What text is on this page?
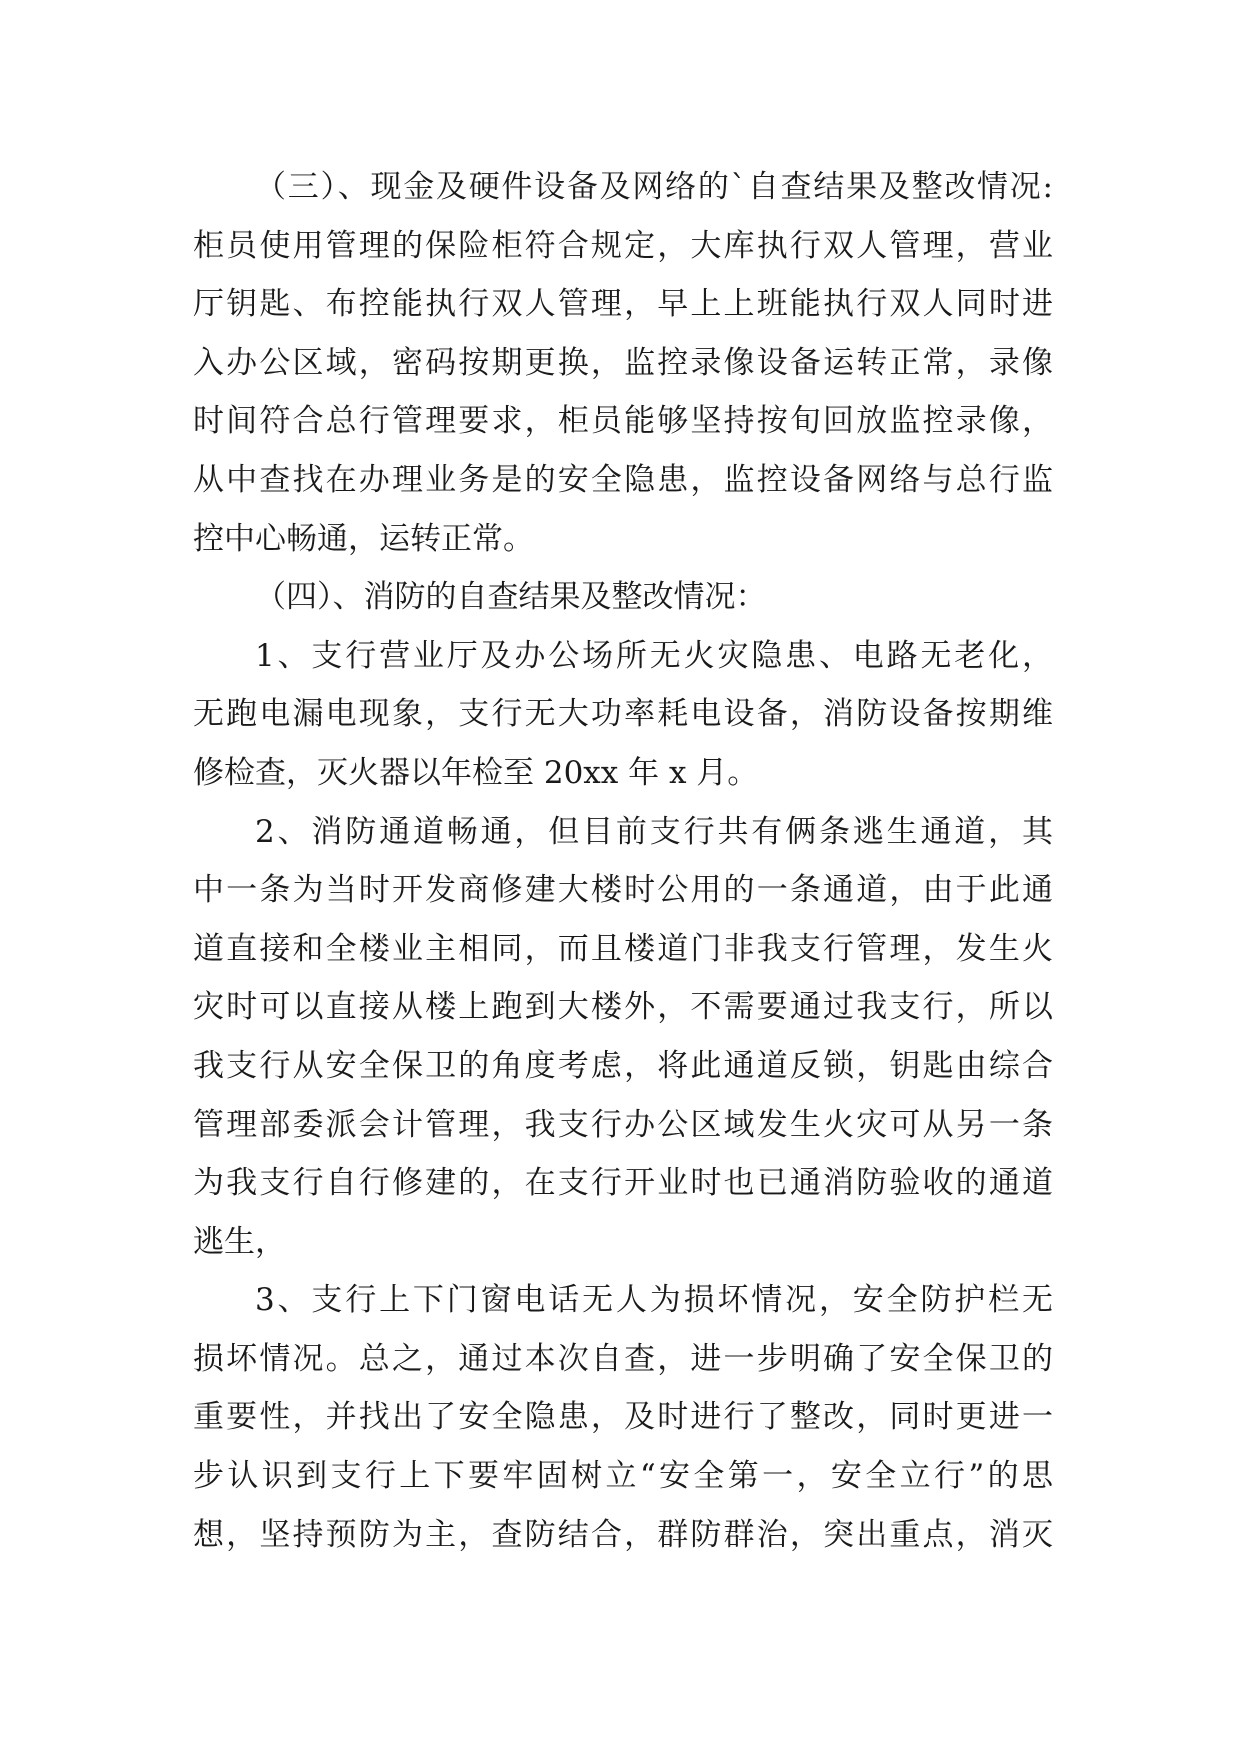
（三）、现金及硬件设备及网络的`自查结果及整改情况:
柜员使用管理的保险柜符合规定，大库执行双人管理，营业
厅钥匙、布控能执行双人管理，早上上班能执行双人同时进
入办公区域，密码按期更换，监控录像设备运转正常，录像
时间符合总行管理要求，柜员能够坚持按旬回放监控录像，
从中查找在办理业务是的安全隐患，监控设备网络与总行监
控中心畅通，运转正常。
（四）、消防的自查结果及整改情况：
1、支行营业厅及办公场所无火灾隐患、电路无老化，
无跑电漏电现象，支行无大功率耗电设备，消防设备按期维
修检查，灭火器以年检至 20xx 年 x 月。
2、消防通道畅通，但目前支行共有俩条逃生通道，其
中一条为当时开发商修建大楼时公用的一条通道，由于此通
道直接和全楼业主相同，而且楼道门非我支行管理，发生火
灾时可以直接从楼上跑到大楼外，不需要通过我支行，所以
我支行从安全保卫的角度考虑，将此通道反锁，钥匙由综合
管理部委派会计管理，我支行办公区域发生火灾可从另一条
为我支行自行修建的，在支行开业时也已通消防验收的通道
逃生，
3、支行上下门窗电话无人为损坏情况，安全防护栏无
损坏情况。总之，通过本次自查，进一步明确了安全保卫的
重要性，并找出了安全隐患，及时进行了整改，同时更进一
步认识到支行上下要牢固树立“安全第一，安全立行”的思
想，坚持预防为主，查防结合，群防群治，突出重点，消灭
